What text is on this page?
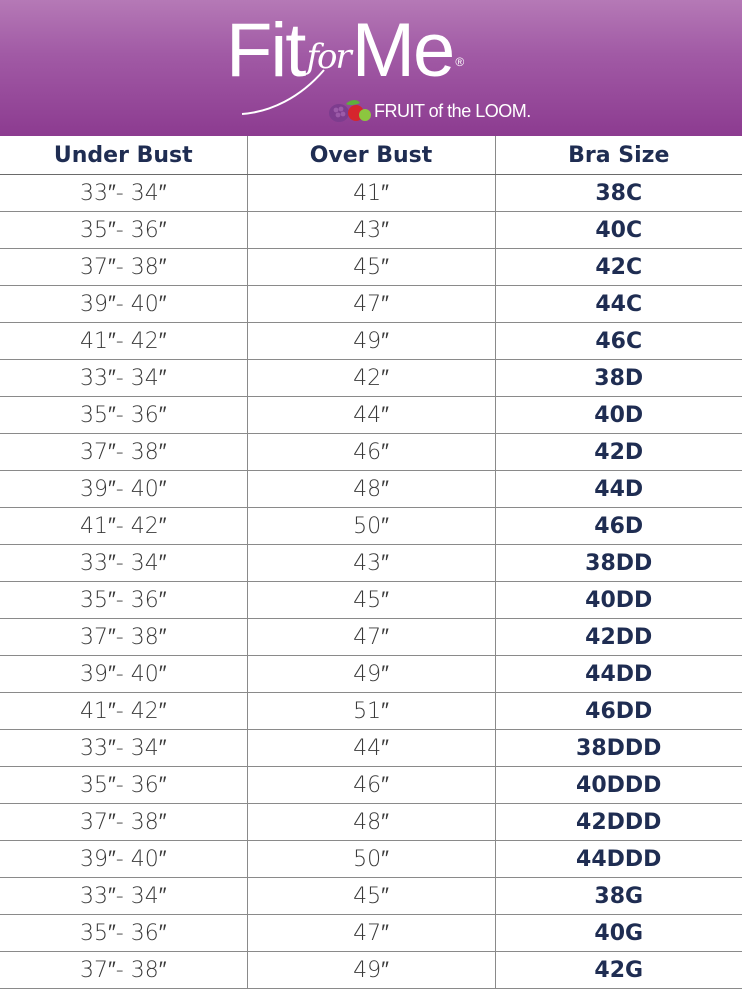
FitforMe ®
FRUIT of the LOOM.
Under Bust	Over Bust	Bra Size
33″- 34″	41″	38C
35″- 36″	43″	40C
37″- 38″	45″	42C
39″- 40″	47″	44C
41″- 42″	49″	46C
33″- 34″	42″	38D
35″- 36″	44″	40D
37″- 38″	46″	42D
39″- 40″	48″	44D
41″- 42″	50″	46D
33″- 34″	43″	38DD
35″- 36″	45″	40DD
37″- 38″	47″	42DD
39″- 40″	49″	44DD
41″- 42″	51″	46DD
33″- 34″	44″	38DDD
35″- 36″	46″	40DDD
37″- 38″	48″	42DDD
39″- 40″	50″	44DDD
33″- 34″	45″	38G
35″- 36″	47″	40G
37″- 38″	49″	42G
